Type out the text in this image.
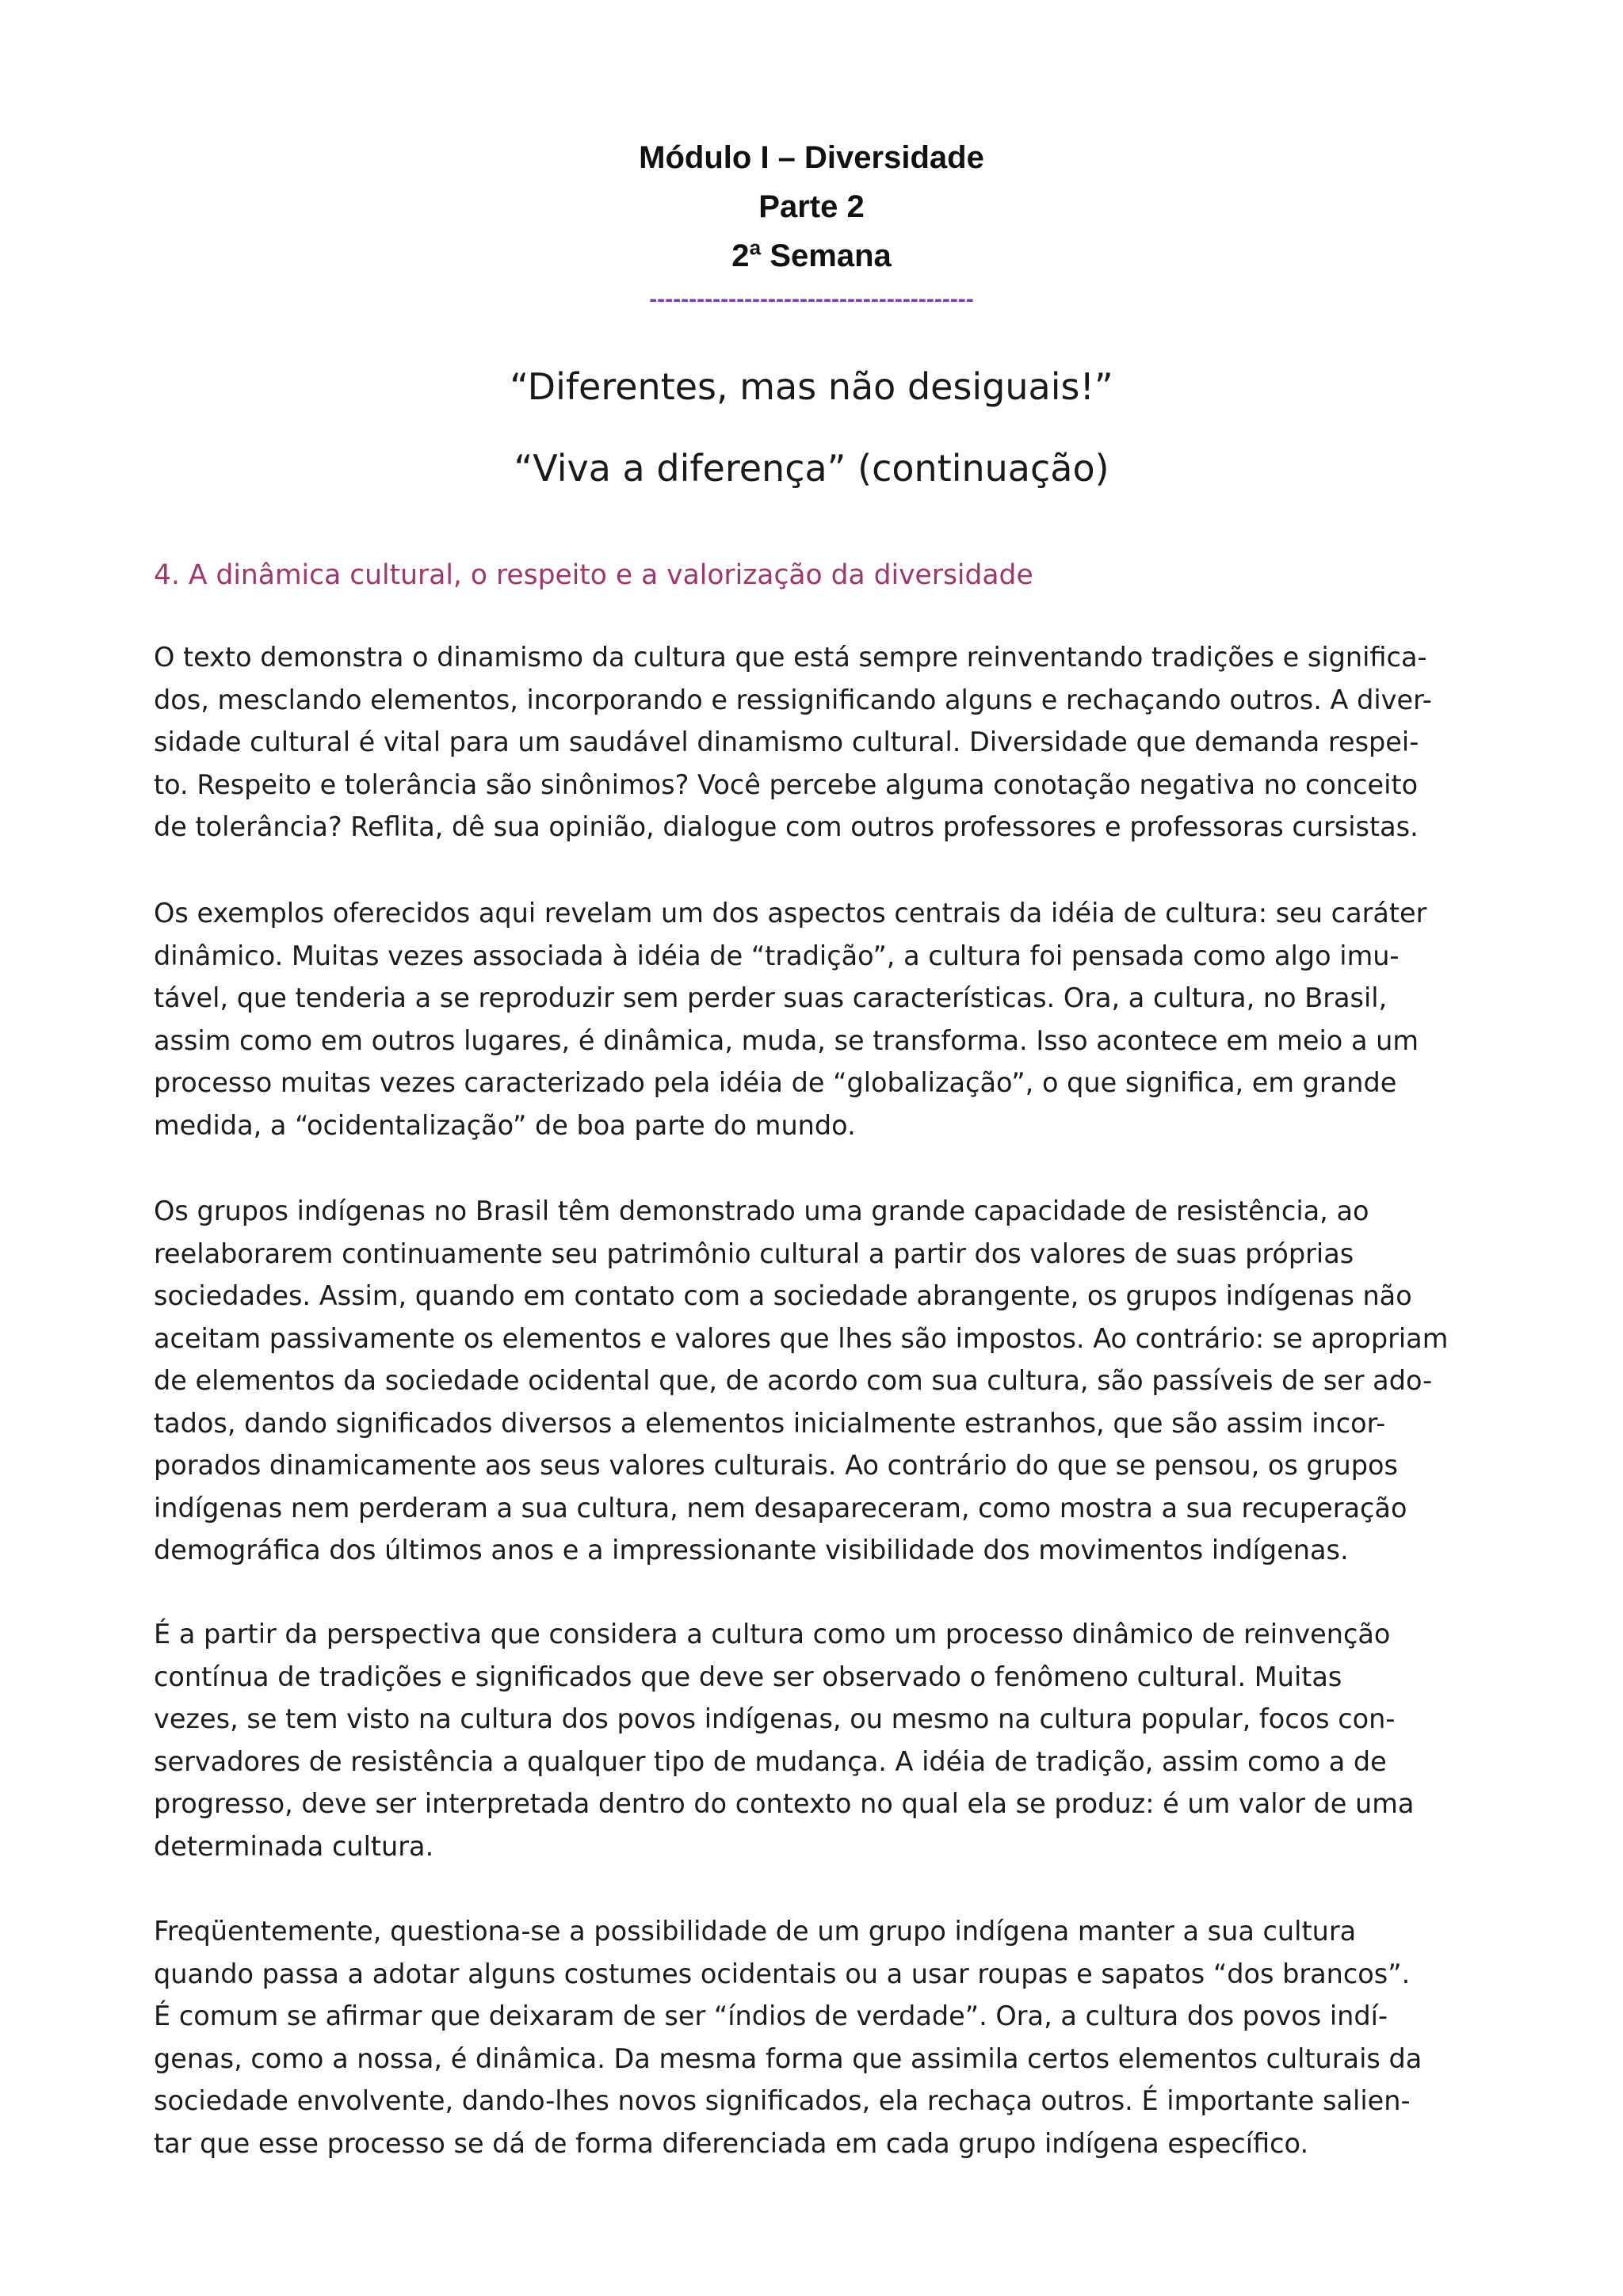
Módulo I – Diversidade
Parte 2
2ª Semana
-----------------------------------------
“Diferentes, mas não desiguais!”
“Viva a diferença” (continuação)
4. A dinâmica cultural, o respeito e a valorização da diversidade

O texto demonstra o dinamismo da cultura que está sempre reinventando tradições e significa-
dos, mesclando elementos, incorporando e ressignificando alguns e rechaçando outros. A diver-
sidade cultural é vital para um saudável dinamismo cultural. Diversidade que demanda respei-
to. Respeito e tolerância são sinônimos? Você percebe alguma conotação negativa no conceito
de tolerância? Reflita, dê sua opinião, dialogue com outros professores e professoras cursistas.

Os exemplos oferecidos aqui revelam um dos aspectos centrais da idéia de cultura: seu caráter
dinâmico. Muitas vezes associada à idéia de “tradição”, a cultura foi pensada como algo imu-
tável, que tenderia a se reproduzir sem perder suas características. Ora, a cultura, no Brasil,
assim como em outros lugares, é dinâmica, muda, se transforma. Isso acontece em meio a um
processo muitas vezes caracterizado pela idéia de “globalização”, o que significa, em grande
medida, a “ocidentalização” de boa parte do mundo.

Os grupos indígenas no Brasil têm demonstrado uma grande capacidade de resistência, ao
reelaborarem continuamente seu patrimônio cultural a partir dos valores de suas próprias
sociedades. Assim, quando em contato com a sociedade abrangente, os grupos indígenas não
aceitam passivamente os elementos e valores que lhes são impostos. Ao contrário: se apropriam
de elementos da sociedade ocidental que, de acordo com sua cultura, são passíveis de ser ado-
tados, dando significados diversos a elementos inicialmente estranhos, que são assim incor-
porados dinamicamente aos seus valores culturais. Ao contrário do que se pensou, os grupos
indígenas nem perderam a sua cultura, nem desapareceram, como mostra a sua recuperação
demográfica dos últimos anos e a impressionante visibilidade dos movimentos indígenas.

É a partir da perspectiva que considera a cultura como um processo dinâmico de reinvenção
contínua de tradições e significados que deve ser observado o fenômeno cultural. Muitas
vezes, se tem visto na cultura dos povos indígenas, ou mesmo na cultura popular, focos con-
servadores de resistência a qualquer tipo de mudança. A idéia de tradição, assim como a de
progresso, deve ser interpretada dentro do contexto no qual ela se produz: é um valor de uma
determinada cultura.

Freqüentemente, questiona-se a possibilidade de um grupo indígena manter a sua cultura
quando passa a adotar alguns costumes ocidentais ou a usar roupas e sapatos “dos brancos”.
É comum se afirmar que deixaram de ser “índios de verdade”. Ora, a cultura dos povos indí-
genas, como a nossa, é dinâmica. Da mesma forma que assimila certos elementos culturais da
sociedade envolvente, dando-lhes novos significados, ela rechaça outros. É importante salien-
tar que esse processo se dá de forma diferenciada em cada grupo indígena específico.
